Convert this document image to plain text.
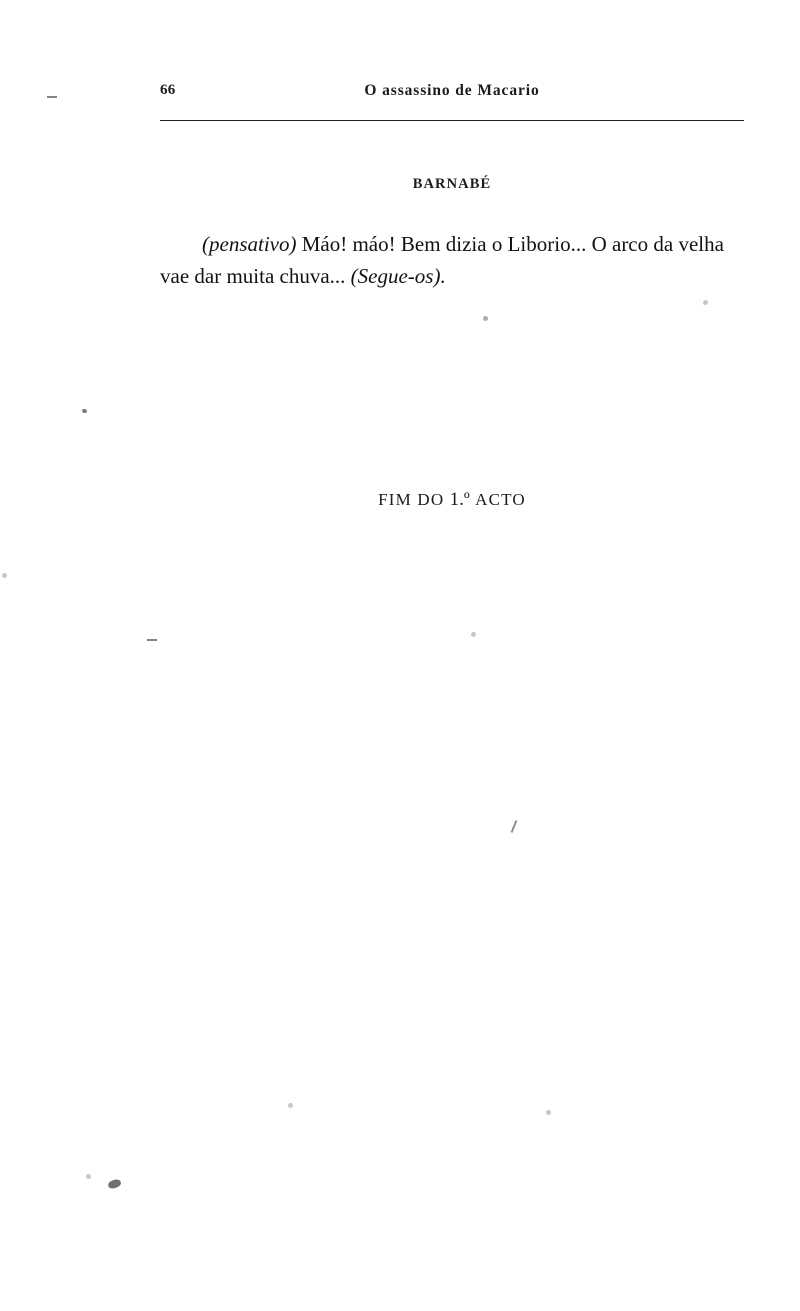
66	O assassino de Macario
BARNABÉ

(pensativo) Máo! máo! Bem dizia o Liborio... O arco da velha vae dar muita chuva... (Segue-os).

FIM DO 1.º ACTO
